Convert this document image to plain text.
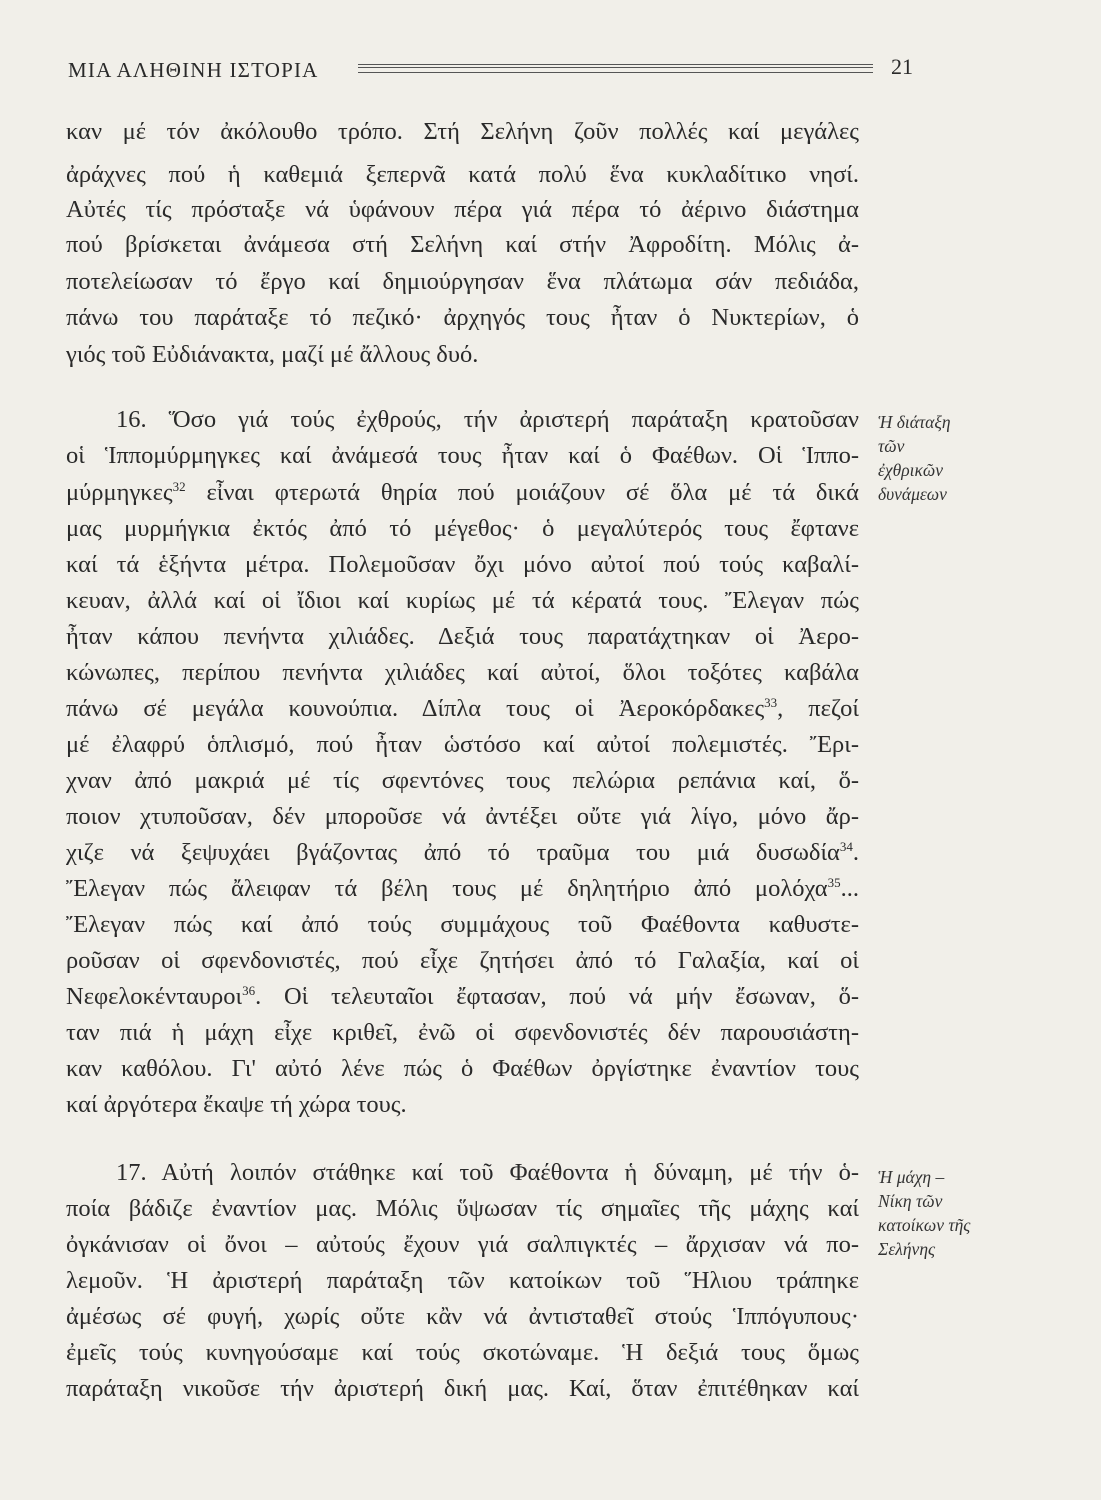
ΜΙΑ ΑΛΗΘΙΝΗ ΙΣΤΟΡΙΑ	21
καν μέ τόν ἀκόλουθο τρόπο. Στή Σελήνη ζοῦν πολλές καί μεγάλες
ἀράχνες πού ἡ καθεμιά ξεπερνᾶ κατά πολύ ἕνα κυκλαδίτικο νησί.
Αὐτές τίς πρόσταξε νά ὑφάνουν πέρα γιά πέρα τό ἀέρινο διάστημα
πού βρίσκεται ἀνάμεσα στή Σελήνη καί στήν Ἀφροδίτη. Μόλις ἀ-
ποτελείωσαν τό ἔργο καί δημιούργησαν ἕνα πλάτωμα σάν πεδιάδα,
πάνω του παράταξε τό πεζικό· ἀρχηγός τους ἦταν ὁ Νυκτερίων, ὁ
γιός τοῦ Εὐδιάνακτα, μαζί μέ ἄλλους δυό.
16. Ὅσο γιά τούς ἐχθρούς, τήν ἀριστερή παράταξη κρατοῦσαν
οἱ Ἱππομύρμηγκες καί ἀνάμεσά τους ἦταν καί ὁ Φαέθων. Οἱ Ἱππο-
μύρμηγκες$^{32}$ εἶναι φτερωτά θηρία πού μοιάζουν σέ ὅλα μέ τά δικά
μας μυρμήγκια ἐκτός ἀπό τό μέγεθος· ὁ μεγαλύτερός τους ἔφτανε
καί τά ἑξήντα μέτρα. Πολεμοῦσαν ὄχι μόνο αὐτοί πού τούς καβαλί-
κευαν, ἀλλά καί οἱ ἴδιοι καί κυρίως μέ τά κέρατά τους. Ἔλεγαν πώς
ἦταν κάπου πενήντα χιλιάδες. Δεξιά τους παρατάχτηκαν οἱ Ἀερο-
κώνωπες, περίπου πενήντα χιλιάδες καί αὐτοί, ὅλοι τοξότες καβάλα
πάνω σέ μεγάλα κουνούπια. Δίπλα τους οἱ Ἀεροκόρδακες$^{33}$, πεζοί
μέ ἐλαφρύ ὁπλισμό, πού ἦταν ὡστόσο καί αὐτοί πολεμιστές. Ἔρι-
χναν ἀπό μακριά μέ τίς σφεντόνες τους πελώρια ρεπάνια καί, ὅ-
ποιον χτυποῦσαν, δέν μποροῦσε νά ἀντέξει οὔτε γιά λίγο, μόνο ἄρ-
χιζε νά ξεψυχάει βγάζοντας ἀπό τό τραῦμα του μιά δυσωδία$^{34}$.
Ἔλεγαν πώς ἄλειφαν τά βέλη τους μέ δηλητήριο ἀπό μολόχα$^{35}$...
Ἔλεγαν πώς καί ἀπό τούς συμμάχους τοῦ Φαέθοντα καθυστε-
ροῦσαν οἱ σφενδονιστές, πού εἶχε ζητήσει ἀπό τό Γαλαξία, καί οἱ
Νεφελοκένταυροι$^{36}$. Οἱ τελευταῖοι ἔφτασαν, πού νά μήν ἔσωναν, ὅ-
ταν πιά ἡ μάχη εἶχε κριθεῖ, ἐνῶ οἱ σφενδονιστές δέν παρουσιάστη-
καν καθόλου. Γι' αὐτό λένε πώς ὁ Φαέθων ὀργίστηκε ἐναντίον τους
καί ἀργότερα ἔκαψε τή χώρα τους.
17. Αὐτή λοιπόν στάθηκε καί τοῦ Φαέθοντα ἡ δύναμη, μέ τήν ὁ-
ποία βάδιζε ἐναντίον μας. Μόλις ὕψωσαν τίς σημαῖες τῆς μάχης καί
ὀγκάνισαν οἱ ὄνοι – αὐτούς ἔχουν γιά σαλπιγκτές – ἄρχισαν νά πο-
λεμοῦν. Ἡ ἀριστερή παράταξη τῶν κατοίκων τοῦ Ἥλιου τράπηκε
ἀμέσως σέ φυγή, χωρίς οὔτε κἂν νά ἀντισταθεῖ στούς Ἱππόγυπους·
ἐμεῖς τούς κυνηγούσαμε καί τούς σκοτώναμε. Ἡ δεξιά τους ὅμως
παράταξη νικοῦσε τήν ἀριστερή δική μας. Καί, ὅταν ἐπιτέθηκαν καί
Ἡ διάταξη
τῶν
ἐχθρικῶν
δυνάμεων
Ἡ μάχη –
Νίκη τῶν
κατοίκων τῆς
Σελήνης
